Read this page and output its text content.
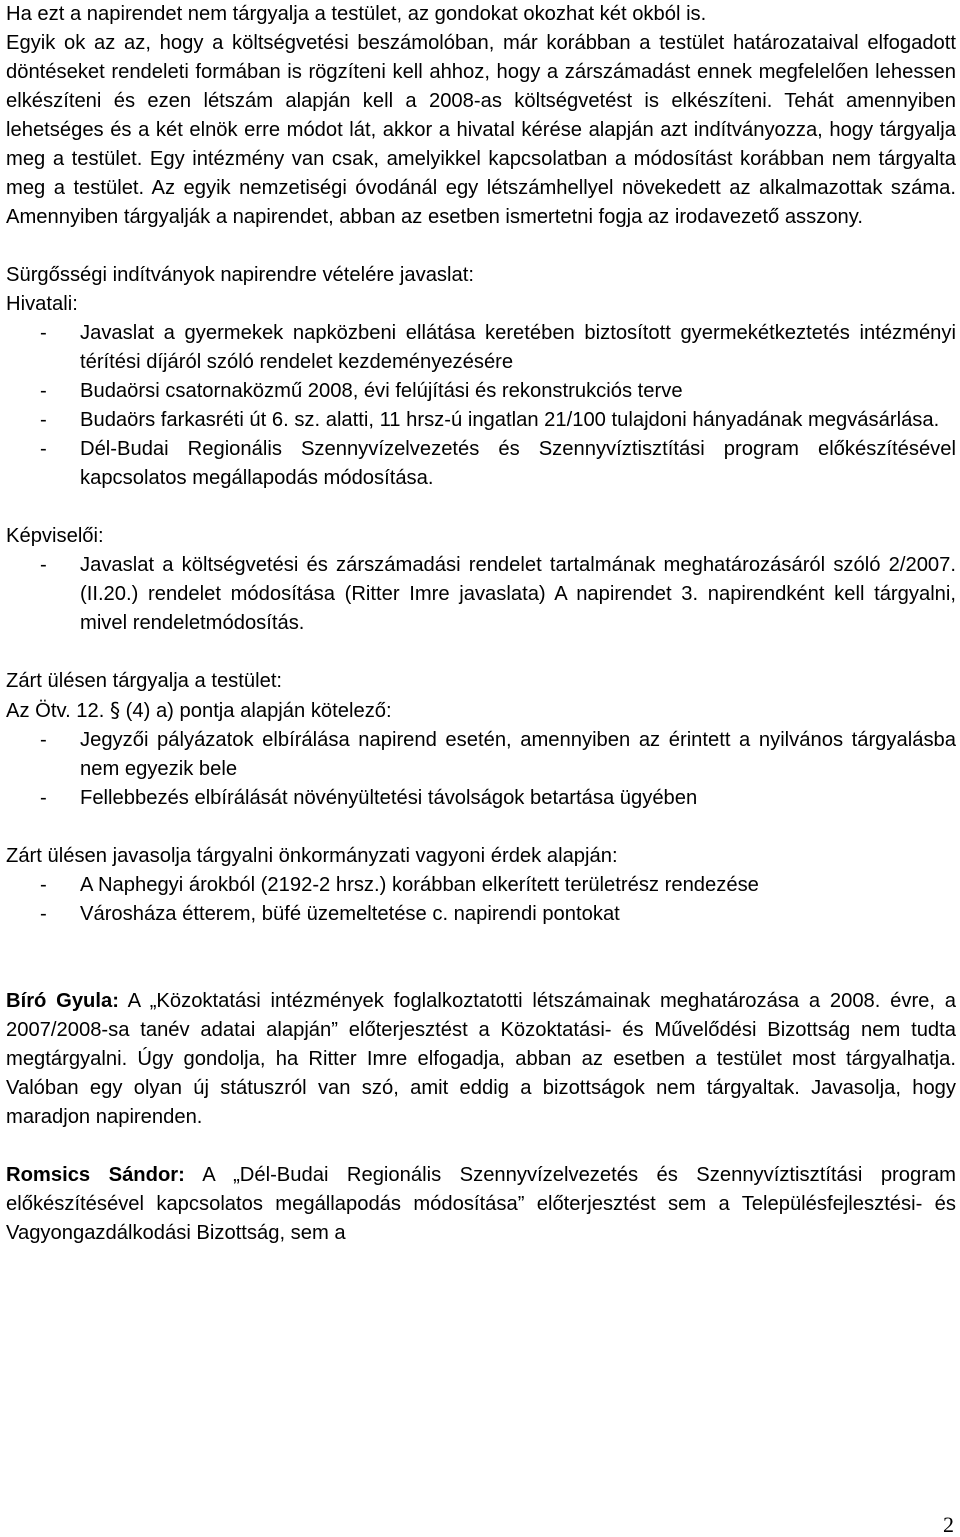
Ha ezt a napirendet nem tárgyalja a testület, az gondokat okozhat két okból is.

Egyik ok az az, hogy a költségvetési beszámolóban, már korábban a testület határozataival elfogadott döntéseket rendeleti formában is rögzíteni kell ahhoz, hogy a zárszámadást ennek megfelelően lehessen elkészíteni és ezen létszám alapján kell a 2008-as költségvetést is elkészíteni. Tehát amennyiben lehetséges és a két elnök erre módot lát, akkor a hivatal kérése alapján azt indítványozza, hogy tárgyalja meg a testület. Egy intézmény van csak, amelyikkel kapcsolatban a módosítást korábban nem tárgyalta meg a testület. Az egyik nemzetiségi óvodánál egy létszámhellyel növekedett az alkalmazottak száma. Amennyiben tárgyalják a napirendet, abban az esetben ismertetni fogja az irodavezető asszony.

Sürgősségi indítványok napirendre vételére javaslat:

Hivatali:

-	Javaslat a gyermekek napközbeni ellátása keretében biztosított gyermekétkeztetés intézményi térítési díjáról szóló rendelet kezdeményezésére
-	Budaörsi csatornaközmű 2008, évi felújítási és rekonstrukciós terve
-	Budaörs farkasréti út 6. sz. alatti, 11 hrsz-ú ingatlan 21/100 tulajdoni hányadának megvásárlása.
-	Dél-Budai Regionális Szennyvízelvezetés és Szennyvíztisztítási program előkészítésével kapcsolatos megállapodás módosítása.

Képviselői:

-	Javaslat a költségvetési és zárszámadási rendelet tartalmának meghatározásáról szóló 2/2007.(II.20.) rendelet módosítása (Ritter Imre javaslata) A napirendet 3. napirendként kell tárgyalni, mivel rendeletmódosítás.

Zárt ülésen tárgyalja a testület:

Az Ötv. 12. § (4) a) pontja alapján kötelező:

-	Jegyzői pályázatok elbírálása napirend esetén, amennyiben az érintett a nyilvános tárgyalásba nem egyezik bele
-	Fellebbezés elbírálását növényültetési távolságok betartása ügyében

Zárt ülésen javasolja tárgyalni önkormányzati vagyoni érdek alapján:

-	A Naphegyi árokból (2192-2 hrsz.) korábban elkerített területrész rendezése
-	Városháza étterem, büfé üzemeltetése c. napirendi pontokat

Bíró Gyula: A „Közoktatási intézmények foglalkoztatotti létszámainak meghatározása a 2008. évre, a 2007/2008-sa tanév adatai alapján” előterjesztést a Közoktatási- és Művelődési Bizottság nem tudta megtárgyalni. Úgy gondolja, ha Ritter Imre elfogadja, abban az esetben a testület most tárgyalhatja. Valóban egy olyan új státuszról van szó, amit eddig a bizottságok nem tárgyaltak. Javasolja, hogy maradjon napirenden.

Romsics Sándor: A „Dél-Budai Regionális Szennyvízelvezetés és Szennyvíztisztítási program előkészítésével kapcsolatos megállapodás módosítása” előterjesztést sem a Településfejlesztési- és Vagyongazdálkodási Bizottság, sem a

2
